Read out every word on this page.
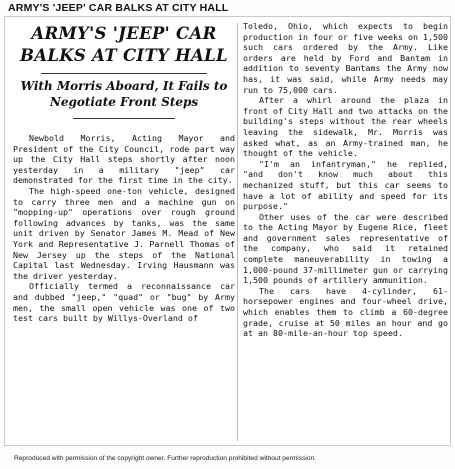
ARMY'S 'JEEP' CAR BALKS AT CITY HALL
ARMY'S 'JEEP' CAR BALKS AT CITY HALL
With Morris Aboard, It Fails to Negotiate Front Steps

Newbold Morris, Acting Mayor and President of the City Council, rode part way up the City Hall steps shortly after noon yesterday in a military "jeep" car demonstrated for the first time in the city.

The high-speed one-ton vehicle, designed to carry three men and a machine gun on "mopping-up" operations over rough ground following advances by tanks, was the same unit driven by Senator James M. Mead of New York and Representative J. Parnell Thomas of New Jersey up the steps of the National Capital last Wednesday. Irving Hausmann was the driver yesterday.

Officially termed a reconnaissance car and dubbed "jeep," "quad" or "bug" by Army men, the small open vehicle was one of two test cars built by Willys-Overland of

Toledo, Ohio, which expects to begin production in four or five weeks on 1,500 such cars ordered by the Army. Like orders are held by Ford and Bantam in addition to seventy Bantams the Army now has, it was said, while Army needs may run to 75,000 cars.

After a whirl around the plaza in front of City Hall and two attacks on the building's steps without the rear wheels leaving the sidewalk, Mr. Morris was asked what, as an Army-trained man, he thought of the vehicle.

"I'm an infantryman," he replied, "and don't know much about this mechanized stuff, but this car seems to have a lot of ability and speed for its purpose."

Other uses of the car were described to the Acting Mayor by Eugene Rice, fleet and government sales representative of the company, who said it retained complete maneuverability in towing a 1,000-pound 37-millimeter gun or carrying 1,500 pounds of artillery ammunition.

The cars have 4-cylinder, 61-horsepower engines and four-wheel drive, which enables them to climb a 60-degree grade, cruise at 50 miles an hour and go at an 80-mile-an-hour top speed.

Reproduced with permission of the copyright owner. Further reproduction prohibited without permission.
